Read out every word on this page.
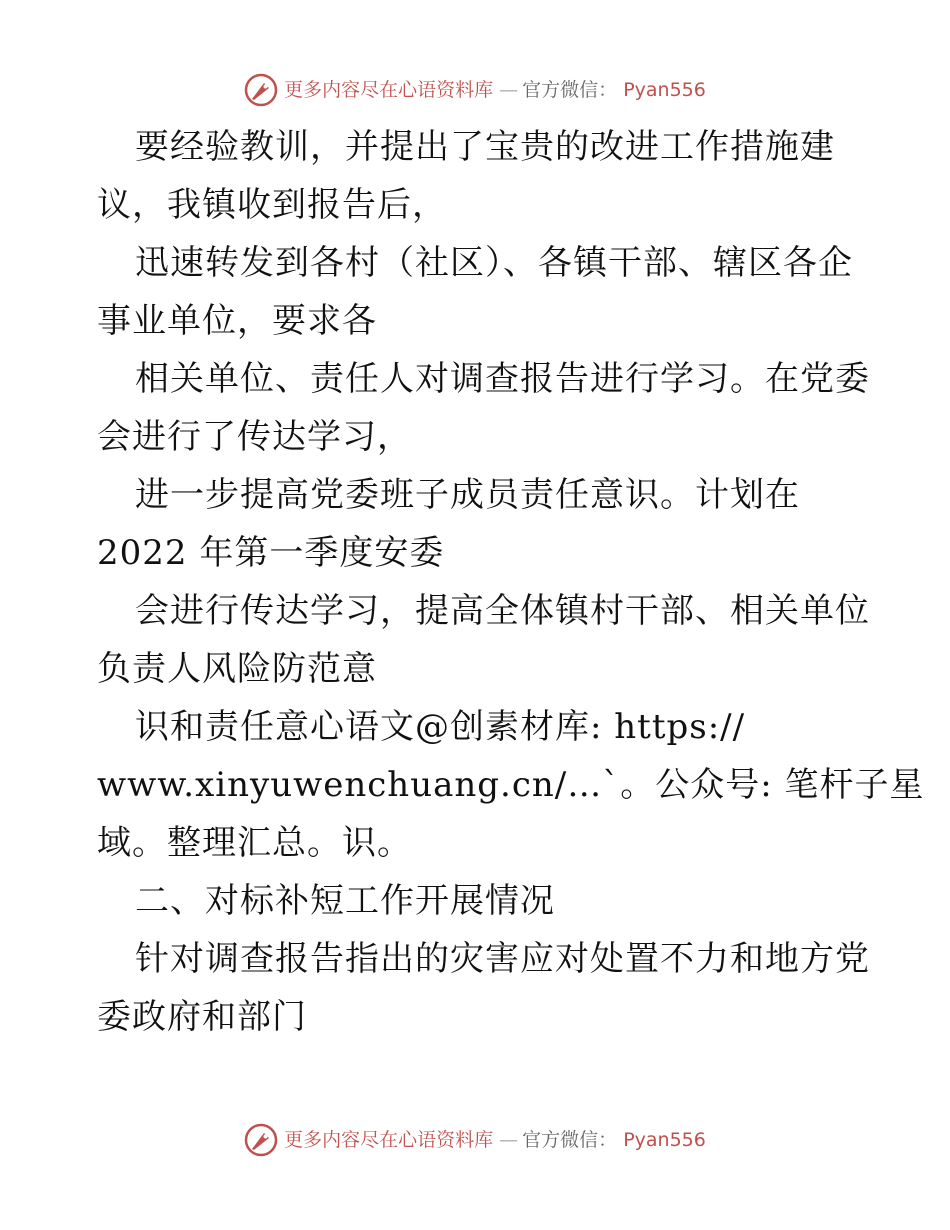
更多内容尽在心语资料库 — 官方微信： Pyan556
要经验教训，并提出了宝贵的改进工作措施建
议，我镇收到报告后，
迅速转发到各村（社区）、各镇干部、辖区各企
事业单位，要求各
相关单位、责任人对调查报告进行学习。在党委
会进行了传达学习，
进一步提高党委班子成员责任意识。计划在
2022 年第一季度安委
会进行传达学习，提高全体镇村干部、相关单位
负责人风险防范意
识和责任意心语文@创素材库: https://
www.xinyuwenchuang.cn/…`。公众号: 笔杆子星
域。整理汇总。识。
二、对标补短工作开展情况
针对调查报告指出的灾害应对处置不力和地方党
委政府和部门
更多内容尽在心语资料库 — 官方微信： Pyan556
